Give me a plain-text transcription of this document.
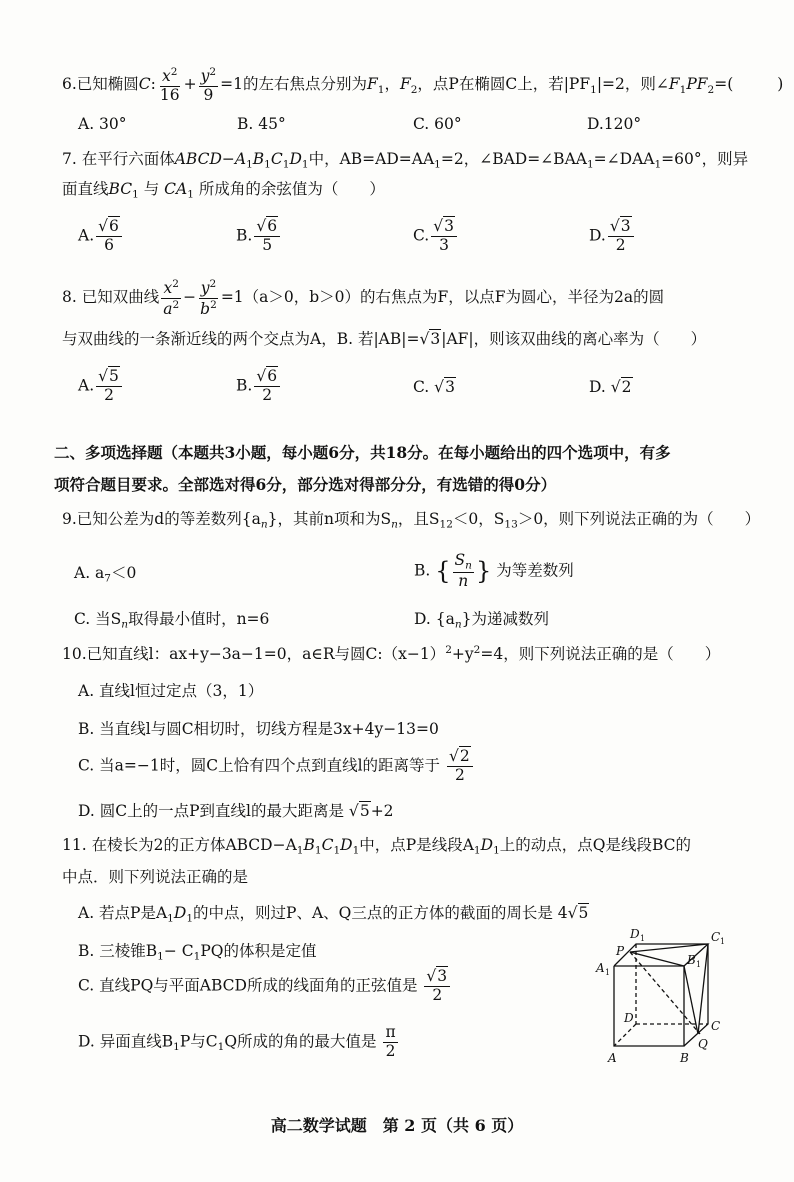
6.已知椭圆C: $\frac{x^2}{16} + \frac{y^2}{9} =1$的左右焦点分别为$F_1$，$F_2$，点P在椭圆C上，若$|PF_1|=2$，则$\angle F_1PF_2=$(	)
A. 30°	B. 45°	C. 60°	D.120°
7. 在平行六面体$ABCD-A_1B_1C_1D_1$中，$AB=AD=AA_1=2$，$\angle BAD=\angle BAA_1=\angle DAA_1=60^\circ$，则异
面直线$BC_1$ 与 $CA_1$ 所成角的余弦值为（　　）
A. $\frac{√6}{6}$	B. $\frac{√6}{5}$	C. $\frac{√3}{3}$	D. $\frac{√3}{2}$
8. 已知双曲线 $\frac{x^2}{a^2} - \frac{y^2}{b^2} =1(a>0$，b＞0）的右焦点为F，以点F为圆心，半径为2a的圆
与双曲线的一条渐近线的两个交点为A，B. 若|AB|=√3|AF|，则该双曲线的离心率为（　　）
A. $\frac{√5}{2}$	B. $\frac{√6}{2}$	C. √3	D. √2
二、多项选择题（本题共3小题，每小题6分，共18分。在每小题给出的四个选项中，有多
项符合题目要求。全部选对得6分，部分选对得部分分，有选错的得0分）
9.已知公差为d的等差数列$\{a_n\}$，其前n项和为$S_n$，且$S_{12}<0$，$S_{13}>0$，则下列说法正确的为（　　）
A. $a_7<0$	B. { $\frac{S_n}{n}$ } 为等差数列
C. 当$S_n$取得最小值时，n=6	D. $\{a_n\}$为递减数列
10.已知直线l：ax+y−3a−1=0，a∈R与圆$C:(x-1)^2+y^2=4$，则下列说法正确的是（　　）
A. 直线l恒过定点（3，1）
B. 当直线l与圆C相切时，切线方程是3x+4y−13=0
C. 当a=−1时，圆C上恰有四个点到直线l的距离等于 $\frac{√2}{2}$
D. 圆C上的一点P到直线l的最大距离是 √5+2
11. 在棱长为2的正方体$ABCD-A_1B_1C_1D_1$中，点P是线段$A_1D_1$上的动点，点Q是线段BC的
中点．则下列说法正确的是
A. 若点P是$A_1D_1$的中点，则过P、A、Q三点的正方体的截面的周长是 4√5
B. 三棱锥$B_1- C_1PQ$的体积是定值
C. 直线PQ与平面ABCD所成的线面角的正弦值是 $\frac{√3}{2}$
D. 异面直线$B_1P$与$C_1Q$所成的角的最大值是 $\frac{\pi}{2}$
D 1	C 1
P
A 1
B 1
D
C
A	B
Q
高二数学试题　第 2 页（共 6 页）
